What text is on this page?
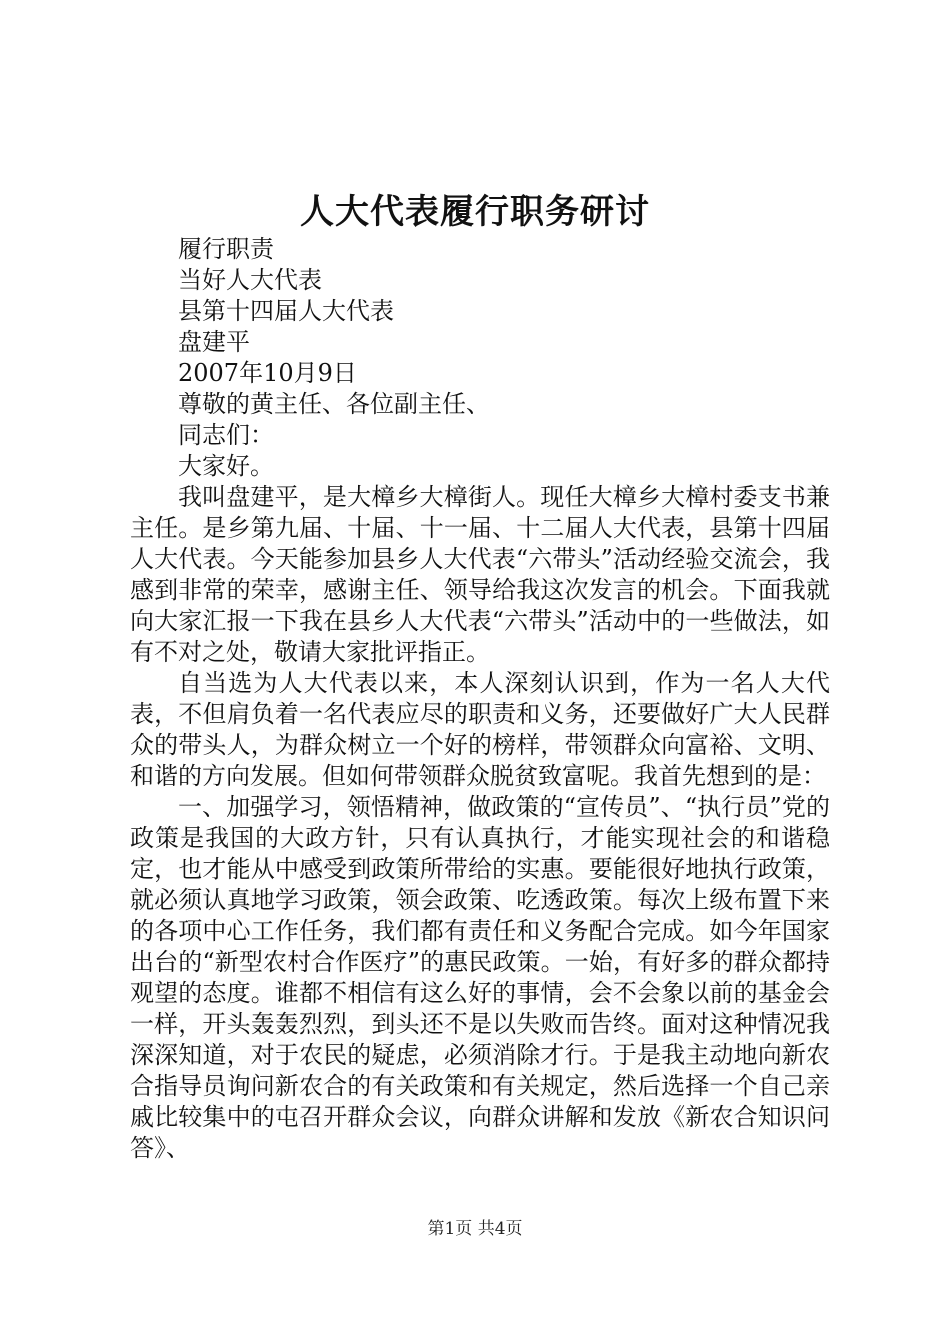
人大代表履行职务研讨

履行职责

当好人大代表

县第十四届人大代表

盘建平

2007年10月9日

尊敬的黄主任、各位副主任、

同志们：

大家好。

我叫盘建平，是大樟乡大樟街人。现任大樟乡大樟村委支书兼主任。是乡第九届、十届、十一届、十二届人大代表，县第十四届人大代表。今天能参加县乡人大代表“六带头”活动经验交流会，我感到非常的荣幸，感谢主任、领导给我这次发言的机会。下面我就向大家汇报一下我在县乡人大代表“六带头”活动中的一些做法，如有不对之处，敬请大家批评指正。

自当选为人大代表以来，本人深刻认识到，作为一名人大代表，不但肩负着一名代表应尽的职责和义务，还要做好广大人民群众的带头人，为群众树立一个好的榜样，带领群众向富裕、文明、和谐的方向发展。但如何带领群众脱贫致富呢。我首先想到的是：

一、加强学习，领悟精神，做政策的“宣传员”、“执行员”党的政策是我国的大政方针，只有认真执行，才能实现社会的和谐稳定，也才能从中感受到政策所带给的实惠。要能很好地执行政策，就必须认真地学习政策，领会政策、吃透政策。每次上级布置下来的各项中心工作任务，我们都有责任和义务配合完成。如今年国家出台的“新型农村合作医疗”的惠民政策。一始，有好多的群众都持观望的态度。谁都不相信有这么好的事情，会不会象以前的基金会一样，开头轰轰烈烈，到头还不是以失败而告终。面对这种情况我深深知道，对于农民的疑虑，必须消除才行。于是我主动地向新农合指导员询问新农合的有关政策和有关规定，然后选择一个自己亲戚比较集中的屯召开群众会议，向群众讲解和发放《新农合知识问答》、

第1页 共4页
